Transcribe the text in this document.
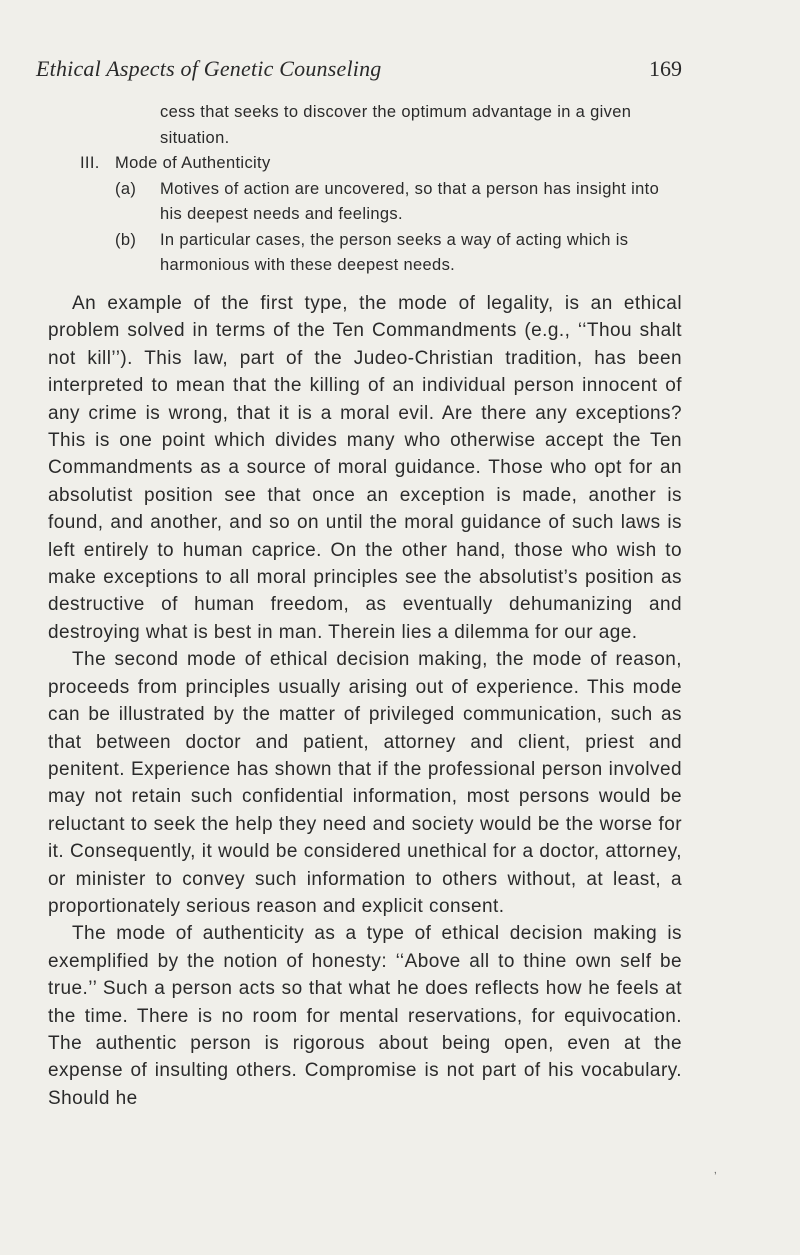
Ethical Aspects of Genetic Counseling	169
cess that seeks to discover the optimum advantage in a given situation.
III. Mode of Authenticity
(a) Motives of action are uncovered, so that a person has insight into his deepest needs and feelings.
(b) In particular cases, the person seeks a way of acting which is harmonious with these deepest needs.

An example of the first type, the mode of legality, is an ethical problem solved in terms of the Ten Commandments (e.g., ‘‘Thou shalt not kill’’). This law, part of the Judeo-Christian tradition, has been interpreted to mean that the killing of an individual person innocent of any crime is wrong, that it is a moral evil. Are there any exceptions? This is one point which divides many who otherwise accept the Ten Commandments as a source of moral guidance. Those who opt for an absolutist position see that once an exception is made, another is found, and another, and so on until the moral guidance of such laws is left entirely to human caprice. On the other hand, those who wish to make exceptions to all moral principles see the absolutist’s position as destructive of human freedom, as eventually dehumanizing and destroying what is best in man. Therein lies a dilemma for our age.

The second mode of ethical decision making, the mode of reason, proceeds from principles usually arising out of experience. This mode can be illustrated by the matter of privileged communication, such as that between doctor and patient, attorney and client, priest and penitent. Experience has shown that if the professional person involved may not retain such confidential information, most persons would be reluctant to seek the help they need and society would be the worse for it. Consequently, it would be considered unethical for a doctor, attorney, or minister to convey such information to others without, at least, a proportionately serious reason and explicit consent.

The mode of authenticity as a type of ethical decision making is exemplified by the notion of honesty: ‘‘Above all to thine own self be true.’’ Such a person acts so that what he does reflects how he feels at the time. There is no room for mental reservations, for equivocation. The authentic person is rigorous about being open, even at the expense of insulting others. Compromise is not part of his vocabulary. Should he

‚
